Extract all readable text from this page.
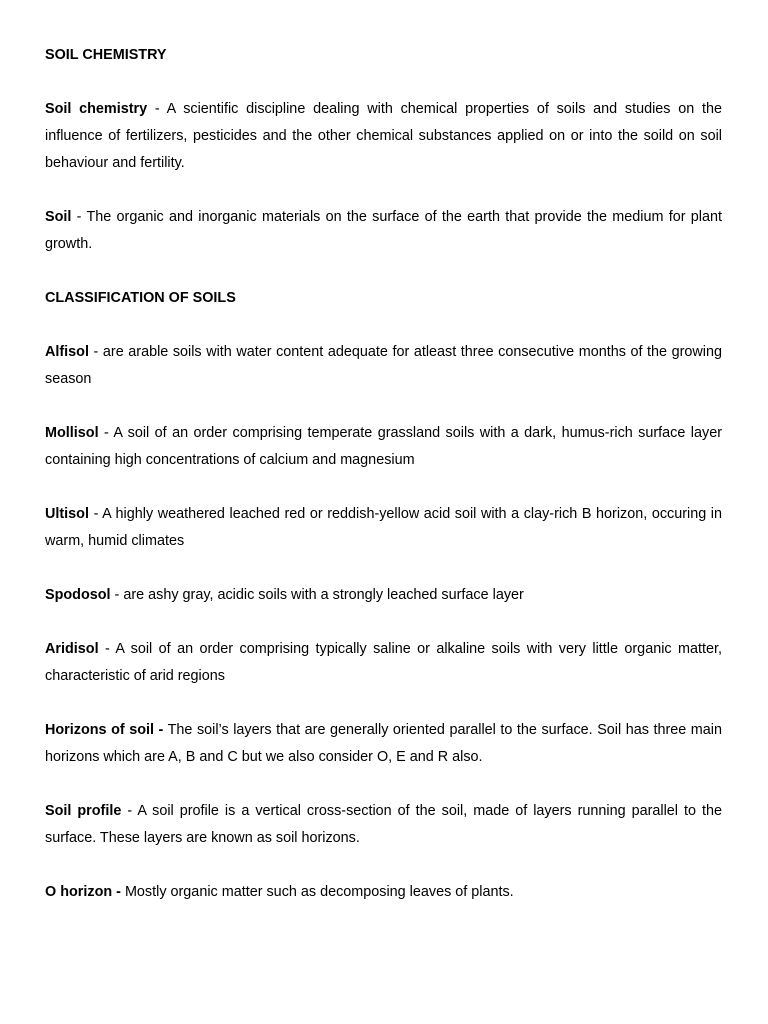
SOIL CHEMISTRY

Soil chemistry - A scientific discipline dealing with chemical properties of soils and studies on the influence of fertilizers, pesticides and the other chemical substances applied on or into the soild on soil behaviour and fertility.

Soil - The organic and inorganic materials on the surface of the earth that provide the medium for plant growth.

CLASSIFICATION OF SOILS

Alfisol - are arable soils with water content adequate for atleast three consecutive months of the growing season

Mollisol - A soil of an order comprising temperate grassland soils with a dark, humus-rich surface layer containing high concentrations of calcium and magnesium

Ultisol - A highly weathered leached red or reddish-yellow acid soil with a clay-rich B horizon, occuring in warm, humid climates

Spodosol - are ashy gray, acidic soils with a strongly leached surface layer

Aridisol - A soil of an order comprising typically saline or alkaline soils with very little organic matter, characteristic of arid regions

Horizons of soil - The soil’s layers that are generally oriented parallel to the surface. Soil has three main horizons which are A, B and C but we also consider O, E and R also.

Soil profile - A soil profile is a vertical cross-section of the soil, made of layers running parallel to the surface. These layers are known as soil horizons.

O horizon - Mostly organic matter such as decomposing leaves of plants.
